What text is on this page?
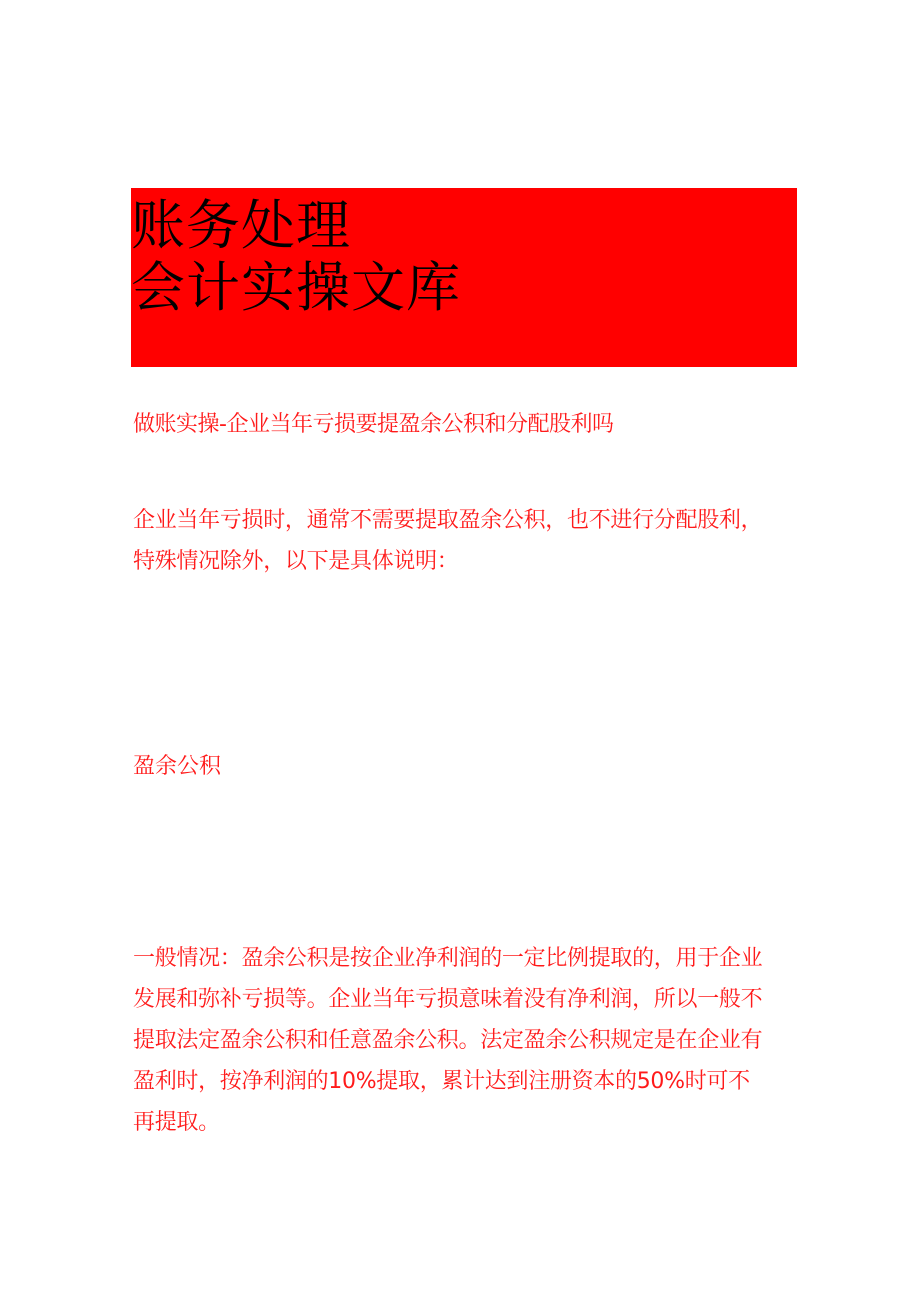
账务处理
会计实操文库
做账实操-企业当年亏损要提盈余公积和分配股利吗
企业当年亏损时，通常不需要提取盈余公积，也不进行分配股利，
特殊情况除外，以下是具体说明：
盈余公积
一般情况：盈余公积是按企业净利润的一定比例提取的，用于企业
发展和弥补亏损等。企业当年亏损意味着没有净利润，所以一般不
提取法定盈余公积和任意盈余公积。法定盈余公积规定是在企业有
盈利时，按净利润的10%提取，累计达到注册资本的50%时可不
再提取。
